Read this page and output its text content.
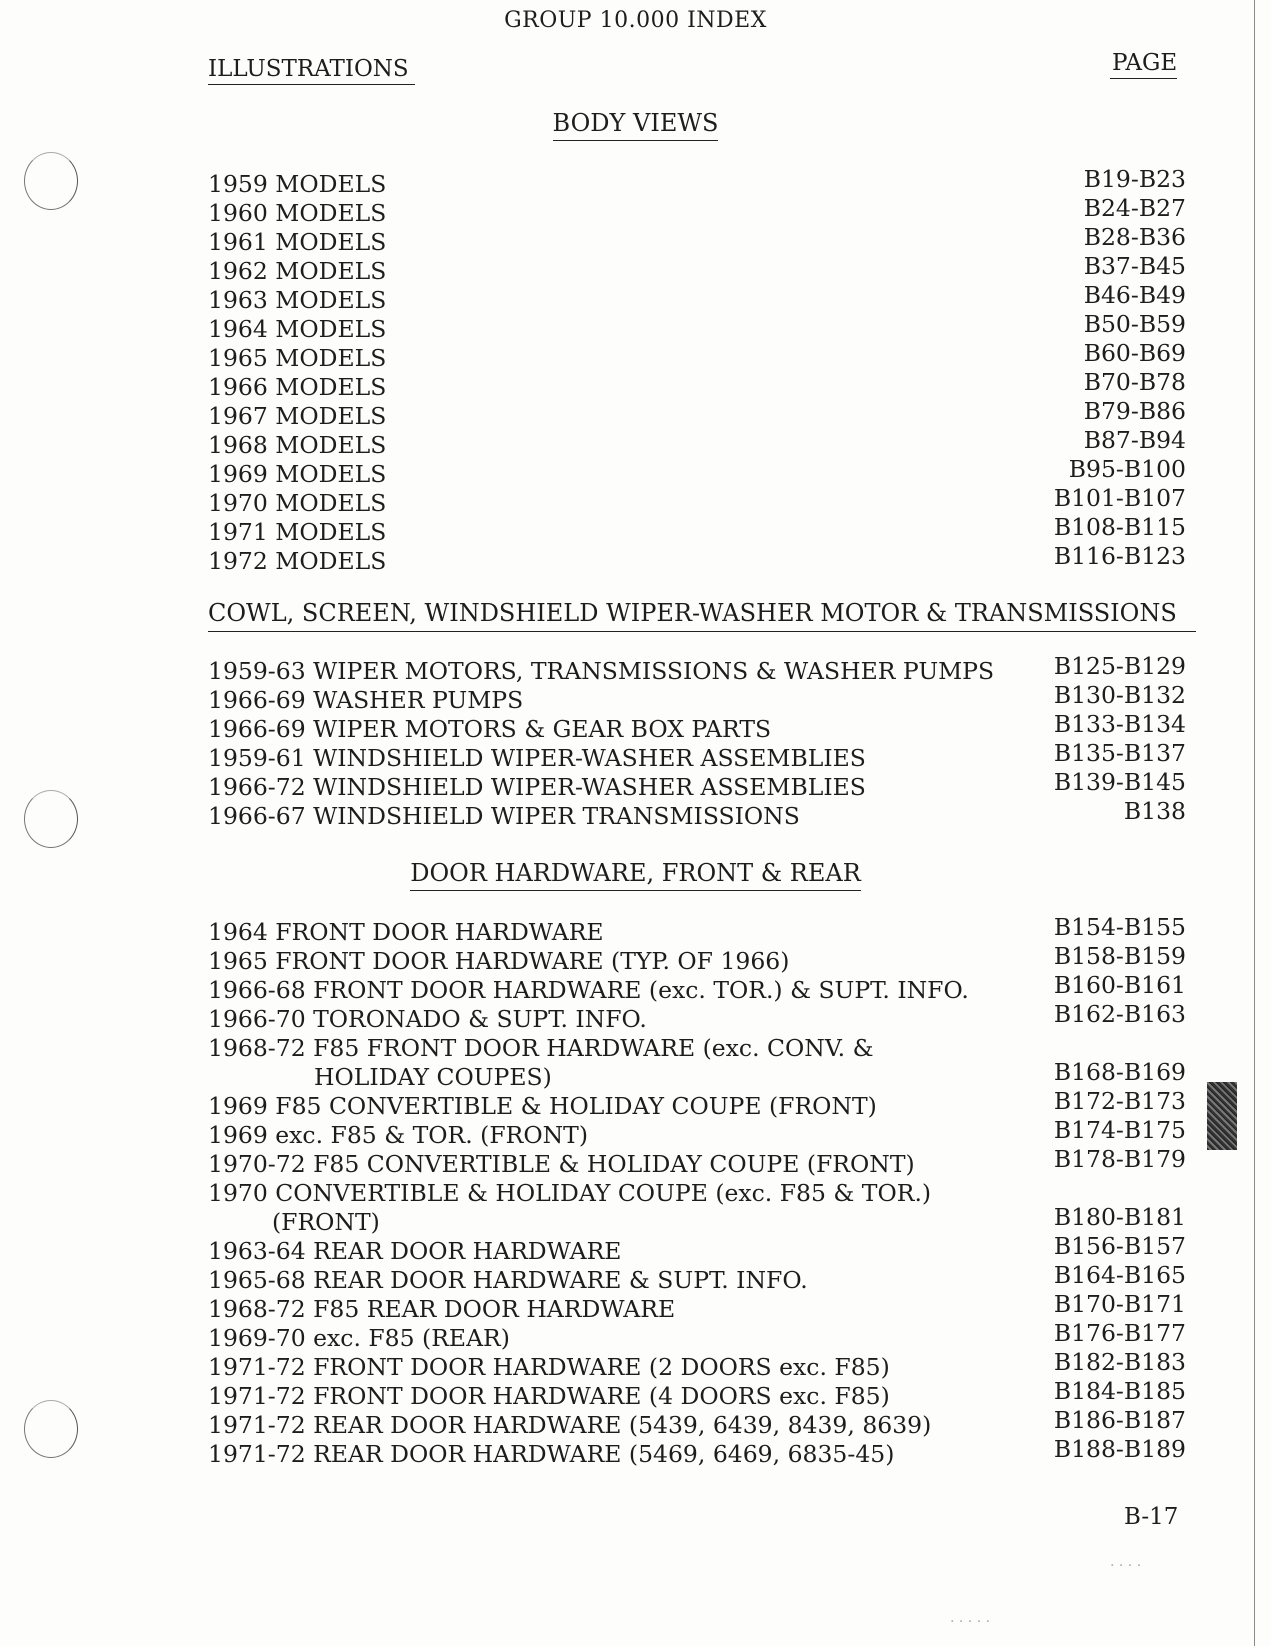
GROUP 10.000 INDEX
ILLUSTRATIONS	PAGE
BODY VIEWS
1959 MODELS	B19-B23
1960 MODELS	B24-B27
1961 MODELS	B28-B36
1962 MODELS	B37-B45
1963 MODELS	B46-B49
1964 MODELS	B50-B59
1965 MODELS	B60-B69
1966 MODELS	B70-B78
1967 MODELS	B79-B86
1968 MODELS	B87-B94
1969 MODELS	B95-B100
1970 MODELS	B101-B107
1971 MODELS	B108-B115
1972 MODELS	B116-B123
COWL, SCREEN, WINDSHIELD WIPER-WASHER MOTOR & TRANSMISSIONS
1959-63 WIPER MOTORS, TRANSMISSIONS & WASHER PUMPS	B125-B129
1966-69 WASHER PUMPS	B130-B132
1966-69 WIPER MOTORS & GEAR BOX PARTS	B133-B134
1959-61 WINDSHIELD WIPER-WASHER ASSEMBLIES	B135-B137
1966-72 WINDSHIELD WIPER-WASHER ASSEMBLIES	B139-B145
1966-67 WINDSHIELD WIPER TRANSMISSIONS	B138
DOOR HARDWARE, FRONT & REAR
1964 FRONT DOOR HARDWARE	B154-B155
1965 FRONT DOOR HARDWARE (TYP. OF 1966)	B158-B159
1966-68 FRONT DOOR HARDWARE (exc. TOR.) & SUPT. INFO.	B160-B161
1966-70 TORONADO & SUPT. INFO.	B162-B163
1968-72 F85 FRONT DOOR HARDWARE (exc. CONV. &
HOLIDAY COUPES)	B168-B169
1969 F85 CONVERTIBLE & HOLIDAY COUPE (FRONT)	B172-B173
1969 exc. F85 & TOR. (FRONT)	B174-B175
1970-72 F85 CONVERTIBLE & HOLIDAY COUPE (FRONT)	B178-B179
1970 CONVERTIBLE & HOLIDAY COUPE (exc. F85 & TOR.)
(FRONT)	B180-B181
1963-64 REAR DOOR HARDWARE	B156-B157
1965-68 REAR DOOR HARDWARE & SUPT. INFO.	B164-B165
1968-72 F85 REAR DOOR HARDWARE	B170-B171
1969-70 exc. F85 (REAR)	B176-B177
1971-72 FRONT DOOR HARDWARE (2 DOORS exc. F85)	B182-B183
1971-72 FRONT DOOR HARDWARE (4 DOORS exc. F85)	B184-B185
1971-72 REAR DOOR HARDWARE (5439, 6439, 8439, 8639)	B186-B187
1971-72 REAR DOOR HARDWARE (5469, 6469, 6835-45)	B188-B189
B-17
· · · ·
. . . . .
